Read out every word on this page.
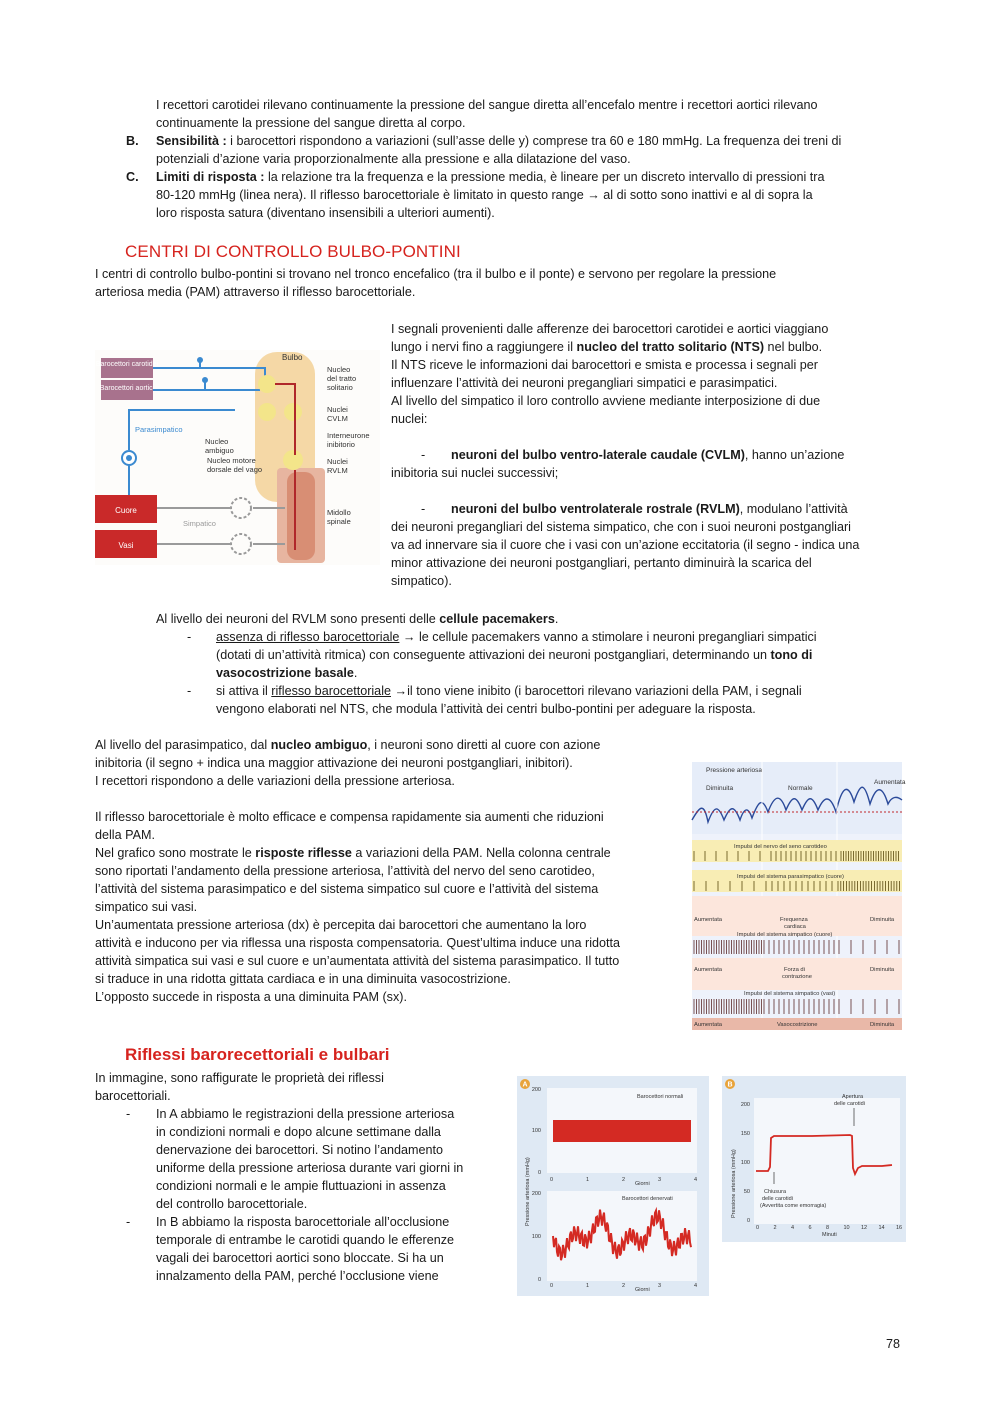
I recettori carotidei rilevano continuamente la pressione del sangue diretta all’encefalo mentre i recettori aortici rilevano

continuamente la pressione del sangue diretta al corpo.

B. Sensibilità : i barocettori rispondono a variazioni (sull’asse delle y) comprese tra 60 e 180 mmHg. La frequenza dei treni di

potenziali d’azione varia proporzionalmente alla pressione e alla dilatazione del vaso.

C. Limiti di risposta : la relazione tra la frequenza e la pressione media, è lineare per un discreto intervallo di pressioni tra

80-120 mmHg (linea nera). Il riflesso barocettoriale è limitato in questo range → al di sotto sono inattivi e al di sopra la

loro risposta satura (diventano insensibili a ulteriori aumenti).

CENTRI DI CONTROLLO BULBO-PONTINI

I centri di controllo bulbo-pontini si trovano nel tronco encefalico (tra il bulbo e il ponte) e servono per regolare la pressione

arteriosa media (PAM) attraverso il riflesso barocettoriale.

I segnali provenienti dalle afferenze dei barocettori carotidei e aortici viaggiano

lungo i nervi fino a raggiungere il nucleo del tratto solitario (NTS) nel bulbo.

Il NTS riceve le informazioni dai barocettori e smista e processa i segnali per

influenzare l’attività dei neuroni pregangliari simpatici e parasimpatici.

Al livello del simpatico il loro controllo avviene mediante interposizione di due

nuclei:

- neuroni del bulbo ventro-laterale caudale (CVLM), hanno un’azione

inibitoria sui nuclei successivi;

- neuroni del bulbo ventrolaterale rostrale (RVLM), modulano l’attività

dei neuroni pregangliari del sistema simpatico, che con i suoi neuroni postgangliari

va ad innervare sia il cuore che i vasi con un’azione eccitatoria (il segno - indica una

minor attivazione dei neuroni postgangliari, pertanto diminuirà la scarica del

simpatico).

Barocettori carotidei
Barocettori aortici
Parasimpatico
Cuore
Vasi
Simpatico
Bulbo
Nucleo
del tratto
solitario
Nuclei
CVLM
Interneurone
inibitorio
Nuclei
RVLM
Nucleo
ambiguo
Nucleo motore
dorsale del vago
Midollo
spinale

Al livello dei neuroni del RVLM sono presenti delle cellule pacemakers.

- assenza di riflesso barocettoriale → le cellule pacemakers vanno a stimolare i neuroni pregangliari simpatici

(dotati di un’attività ritmica) con conseguente attivazioni dei neuroni postgangliari, determinando un tono di

vasocostrizione basale.

- si attiva il riflesso barocettoriale →il tono viene inibito (i barocettori rilevano variazioni della PAM, i segnali

vengono elaborati nel NTS, che modula l’attività dei centri bulbo-pontini per adeguare la risposta.

Al livello del parasimpatico, dal nucleo ambiguo, i neuroni sono diretti al cuore con azione

inibitoria (il segno + indica una maggior attivazione dei neuroni postgangliari, inibitori).

I recettori rispondono a delle variazioni della pressione arteriosa.

Il riflesso barocettoriale è molto efficace e compensa rapidamente sia aumenti che riduzioni

della PAM.

Nel grafico sono mostrate le risposte riflesse a variazioni della PAM. Nella colonna centrale

sono riportati l’andamento della pressione arteriosa, l’attività del nervo del seno carotideo,

l’attività del sistema parasimpatico e del sistema simpatico sul cuore e l’attività del sistema

simpatico sui vasi.

Un’aumentata pressione arteriosa (dx) è percepita dai barocettori che aumentano la loro

attività e inducono per via riflessa una risposta compensatoria. Quest’ultima induce una ridotta

attività simpatica sui vasi e sul cuore e un’aumentata attività del sistema parasimpatico. Il tutto

si traduce in una ridotta gittata cardiaca e in una diminuita vasocostrizione.

L’opposto succede in risposta a una diminuita PAM (sx).

Pressione arteriosa
Diminuita	Normale
Aumentata
Impulsi del nervo del seno carotideo
Impulsi del sistema parasimpatico (cuore)
Aumentata	Frequenza
cardiaca
Diminuita
Impulsi del sistema simpatico (cuore)
Aumentata	Forza di
contrazione
Diminuita
Impulsi del sistema simpatico (vasi)
Aumentata	Vasocostrizione	Diminuita

Riflessi barorecettoriali e bulbari

In immagine, sono raffigurate le proprietà dei riflessi

barocettoriali.

- In A abbiamo le registrazioni della pressione arteriosa

in condizioni normali e dopo alcune settimane dalla

denervazione dei barocettori. Si notino l’andamento

uniforme della pressione arteriosa durante vari giorni in

condizioni normali e le ampie fluttuazioni in assenza

del controllo barocettoriale.

- In B abbiamo la risposta barocettoriale all’occlusione

temporale di entrambe le carotidi quando le efferenze

vagali dei barocettori aortici sono bloccate. Si ha un

innalzamento della PAM, perché l’occlusione viene

A
Pressione arteriosa (mmHg)
200
100
0
Barocettori normali
0	1	2	3	4
Giorni
200
100
0
Barocettori denervati
0	1	2	3	4
Giorni
B
Pressione arteriosa (mmHg)
200
150
100
50
0
0	2	4	6	8	10 12 14 16
Minuti
Apertura
delle carotidi
Chiusura
delle carotidi
(Avvertita come emorragia)

78
